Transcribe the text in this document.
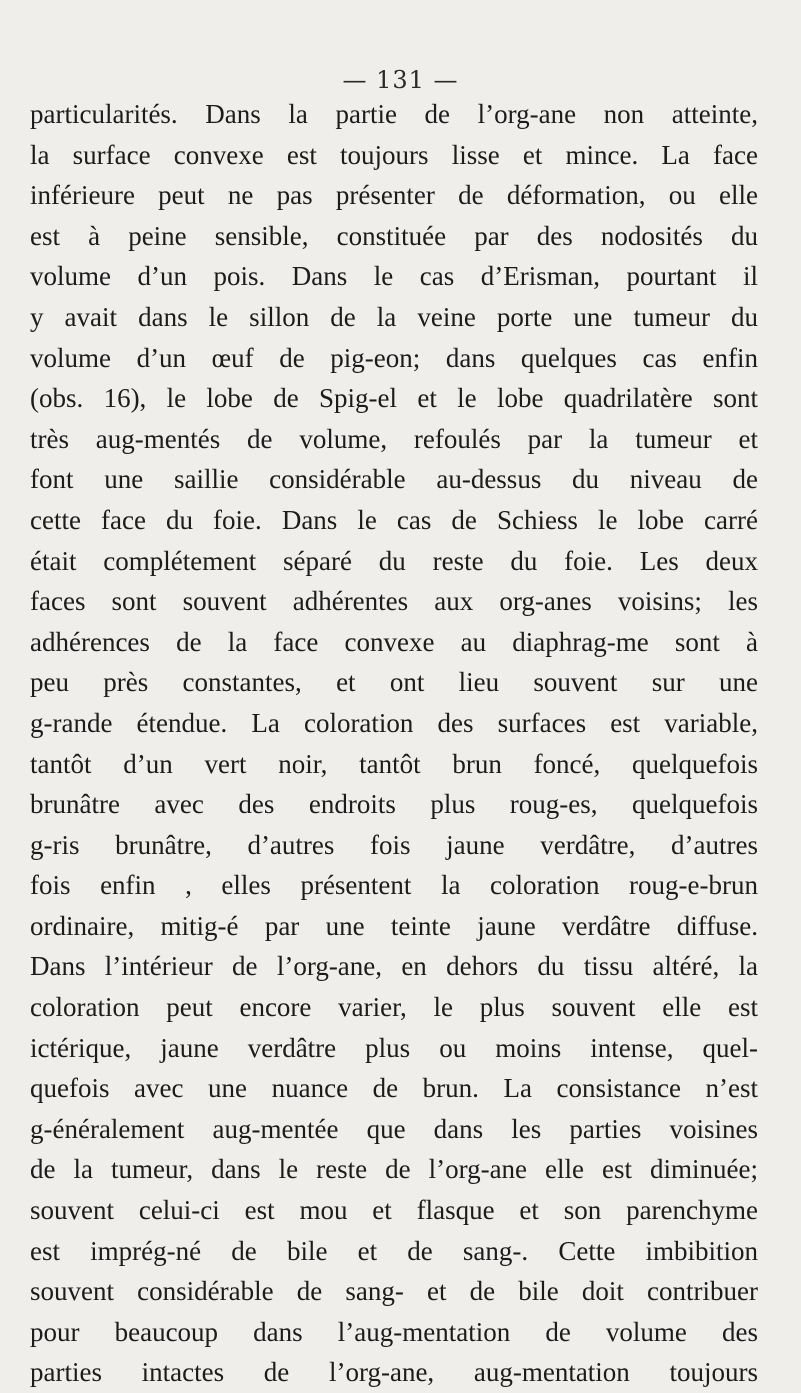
— 131 —
particularités. Dans la partie de l’org‑ane non atteinte,
la surface convexe est toujours lisse et mince. La face
inférieure peut ne pas présenter de déformation, ou elle
est à peine sensible, constituée par des nodosités du
volume d’un pois. Dans le cas d’Erisman, pourtant il
y avait dans le sillon de la veine porte une tumeur du
volume d’un œuf de pig‑eon; dans quelques cas enfin
(obs. 16), le lobe de Spig‑el et le lobe quadrilatère sont
très aug‑mentés de volume, refoulés par la tumeur et
font une saillie considérable au-dessus du niveau de
cette face du foie. Dans le cas de Schiess le lobe carré
était complétement séparé du reste du foie. Les deux
faces sont souvent adhérentes aux org‑anes voisins; les
adhérences de la face convexe au diaphrag‑me sont à
peu près constantes, et ont lieu souvent sur une
g‑rande étendue. La coloration des surfaces est variable,
tantôt d’un vert noir, tantôt brun foncé, quelquefois
brunâtre avec des endroits plus roug‑es, quelquefois
g‑ris brunâtre, d’autres fois jaune verdâtre, d’autres
fois enfin , elles présentent la coloration roug‑e-brun
ordinaire, mitig‑é par une teinte jaune verdâtre diffuse.
Dans l’intérieur de l’org‑ane, en dehors du tissu altéré, la
coloration peut encore varier, le plus souvent elle est
ictérique, jaune verdâtre plus ou moins intense, quel-
quefois avec une nuance de brun. La consistance n’est
g‑énéralement aug‑mentée que dans les parties voisines
de la tumeur, dans le reste de l’org‑ane elle est diminuée;
souvent celui-ci est mou et flasque et son parenchyme
est imprég‑né de bile et de sang‑. Cette imbibition
souvent considérable de sang‑ et de bile doit contribuer
pour beaucoup dans l’aug‑mentation de volume des
parties intactes de l’org‑ane, aug‑mentation toujours
